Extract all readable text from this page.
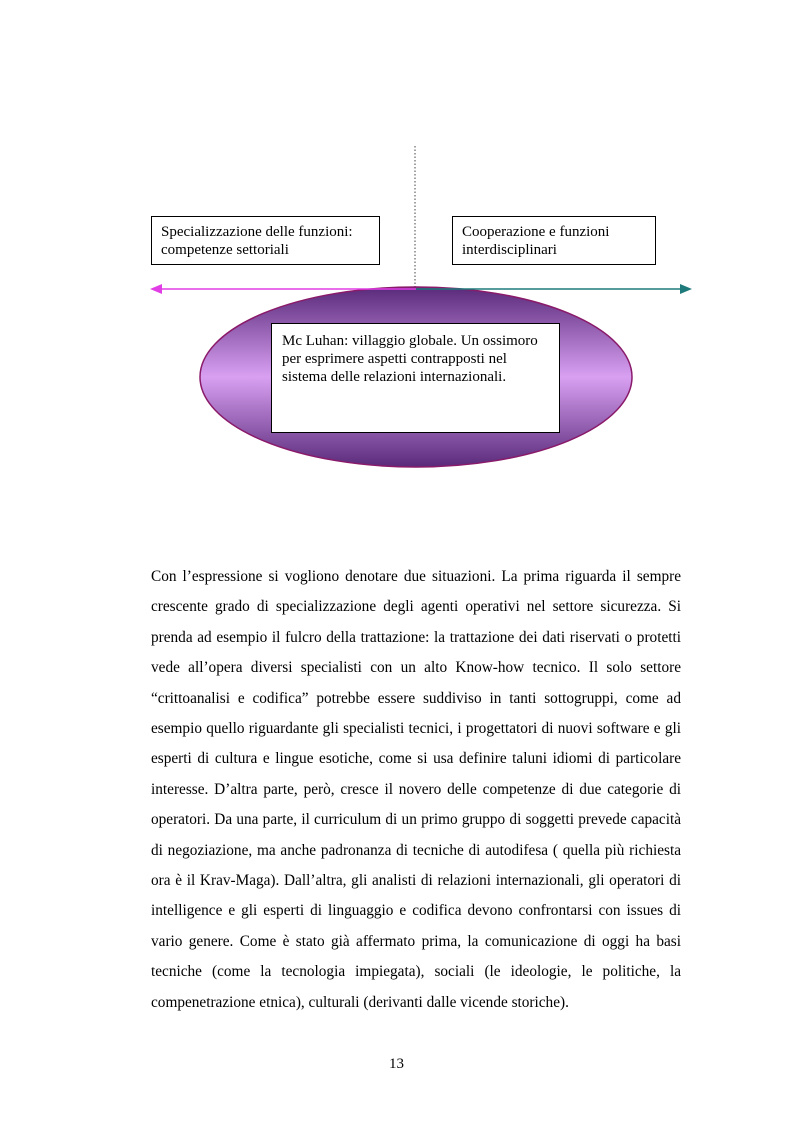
Specializzazione delle funzioni: competenze settoriali
Cooperazione e funzioni interdisciplinari
Mc Luhan: villaggio globale. Un ossimoro per esprimere aspetti contrapposti nel sistema delle relazioni internazionali.

Con l’espressione si vogliono denotare due situazioni. La prima riguarda il sempre crescente grado di specializzazione degli agenti operativi nel settore sicurezza. Si prenda ad esempio il fulcro della trattazione: la trattazione dei dati riservati o protetti vede all’opera diversi specialisti con un alto Know-how tecnico. Il solo settore “crittoanalisi e codifica” potrebbe essere suddiviso in tanti sottogruppi, come ad esempio quello riguardante gli specialisti tecnici, i progettatori di nuovi software e gli esperti di cultura e lingue esotiche, come si usa definire taluni idiomi di particolare interesse. D’altra parte, però, cresce il novero delle competenze di due categorie di operatori. Da una parte, il curriculum di un primo gruppo di soggetti prevede capacità di negoziazione, ma anche padronanza di tecniche di autodifesa ( quella più richiesta ora è il Krav-Maga). Dall’altra, gli analisti di relazioni internazionali, gli operatori di intelligence e gli esperti di linguaggio e codifica devono confrontarsi con issues di vario genere. Come è stato già affermato prima, la comunicazione di oggi ha basi tecniche (come la tecnologia impiegata), sociali (le ideologie, le politiche, la compenetrazione etnica), culturali (derivanti dalle vicende storiche).

13
